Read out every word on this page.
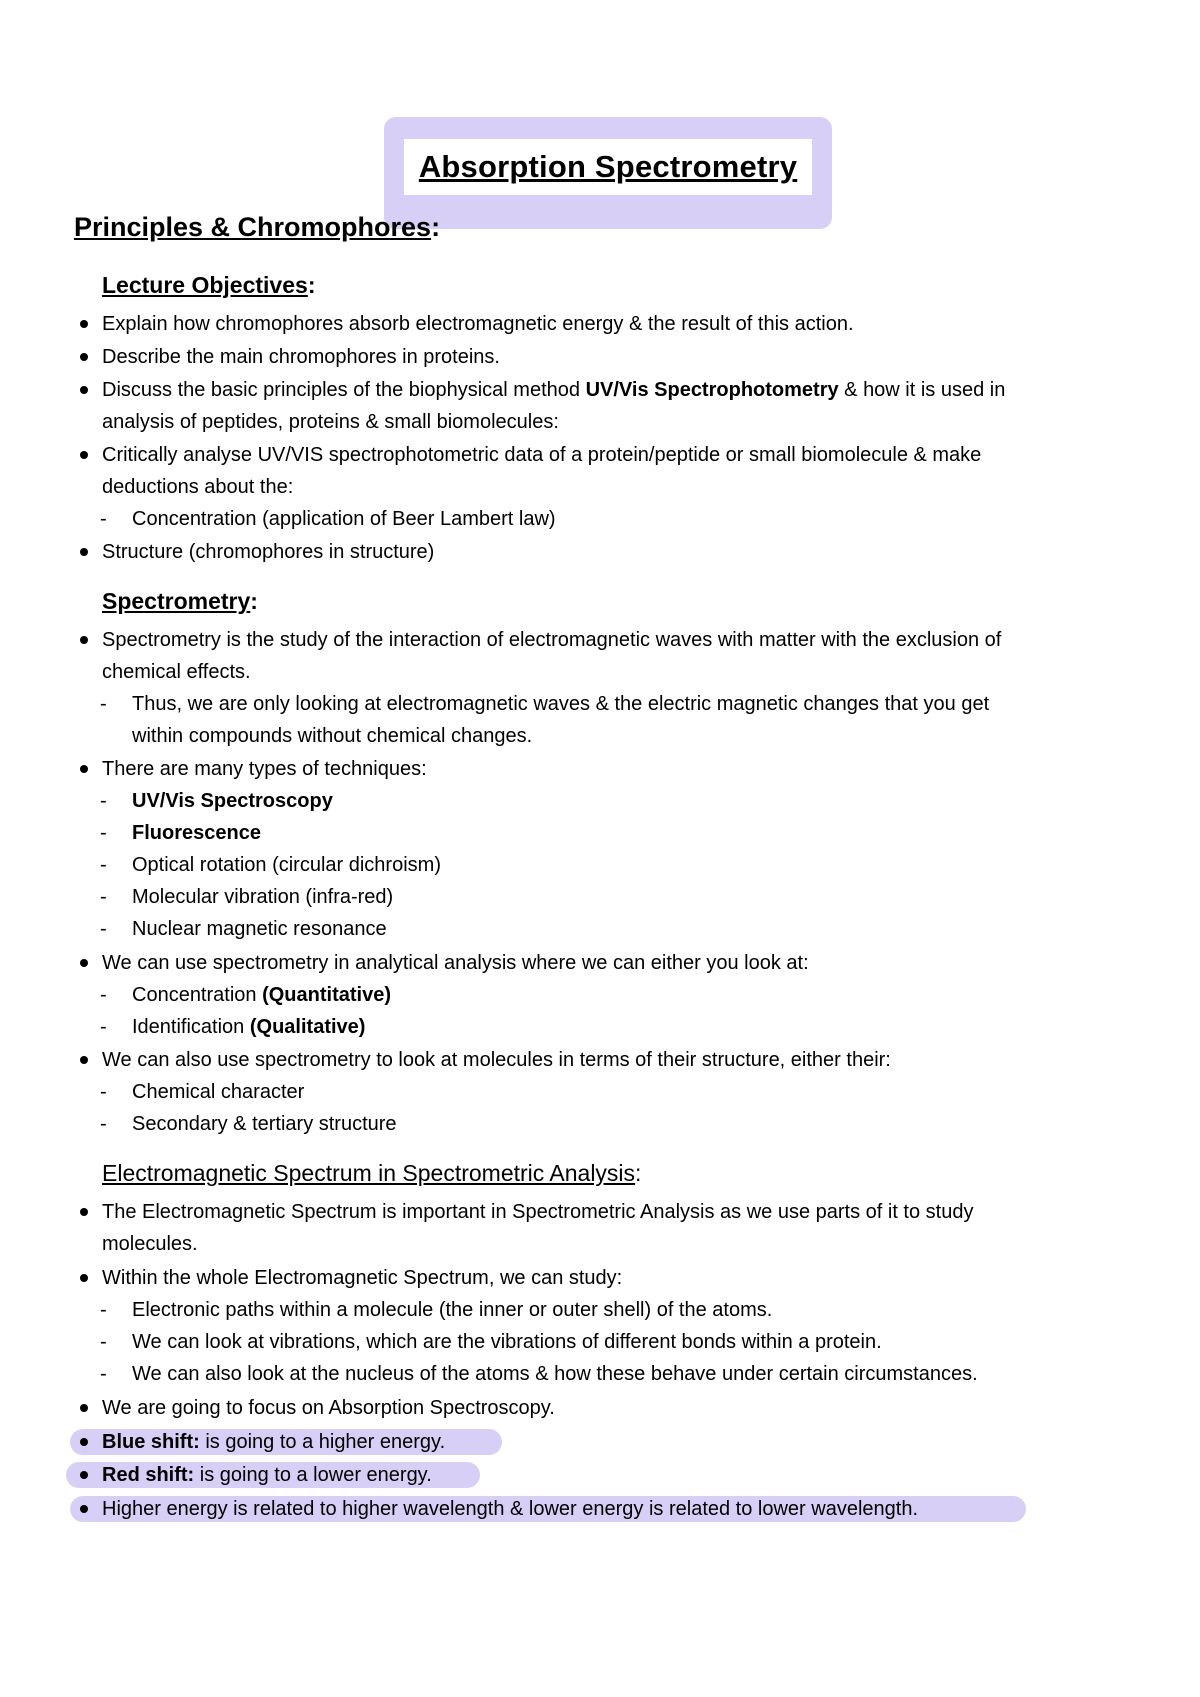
Absorption Spectrometry
Principles & Chromophores:
Lecture Objectives:
Explain how chromophores absorb electromagnetic energy & the result of this action.
Describe the main chromophores in proteins.
Discuss the basic principles of the biophysical method UV/Vis Spectrophotometry & how it is used in
analysis of peptides, proteins & small biomolecules:
Critically analyse UV/VIS spectrophotometric data of a protein/peptide or small biomolecule & make
deductions about the:
- Concentration (application of Beer Lambert law)
Structure (chromophores in structure)
Spectrometry:
Spectrometry is the study of the interaction of electromagnetic waves with matter with the exclusion of
chemical effects.
- Thus, we are only looking at electromagnetic waves & the electric magnetic changes that you get
within compounds without chemical changes.
There are many types of techniques:
- UV/Vis Spectroscopy
- Fluorescence
- Optical rotation (circular dichroism)
- Molecular vibration (infra-red)
- Nuclear magnetic resonance
We can use spectrometry in analytical analysis where we can either you look at:
- Concentration (Quantitative)
- Identification (Qualitative)
We can also use spectrometry to look at molecules in terms of their structure, either their:
- Chemical character
- Secondary & tertiary structure
Electromagnetic Spectrum in Spectrometric Analysis:
The Electromagnetic Spectrum is important in Spectrometric Analysis as we use parts of it to study
molecules.
Within the whole Electromagnetic Spectrum, we can study:
- Electronic paths within a molecule (the inner or outer shell) of the atoms.
- We can look at vibrations, which are the vibrations of different bonds within a protein.
- We can also look at the nucleus of the atoms & how these behave under certain circumstances.
We are going to focus on Absorption Spectroscopy.
Blue shift: is going to a higher energy.
Red shift: is going to a lower energy.
Higher energy is related to higher wavelength & lower energy is related to lower wavelength.
